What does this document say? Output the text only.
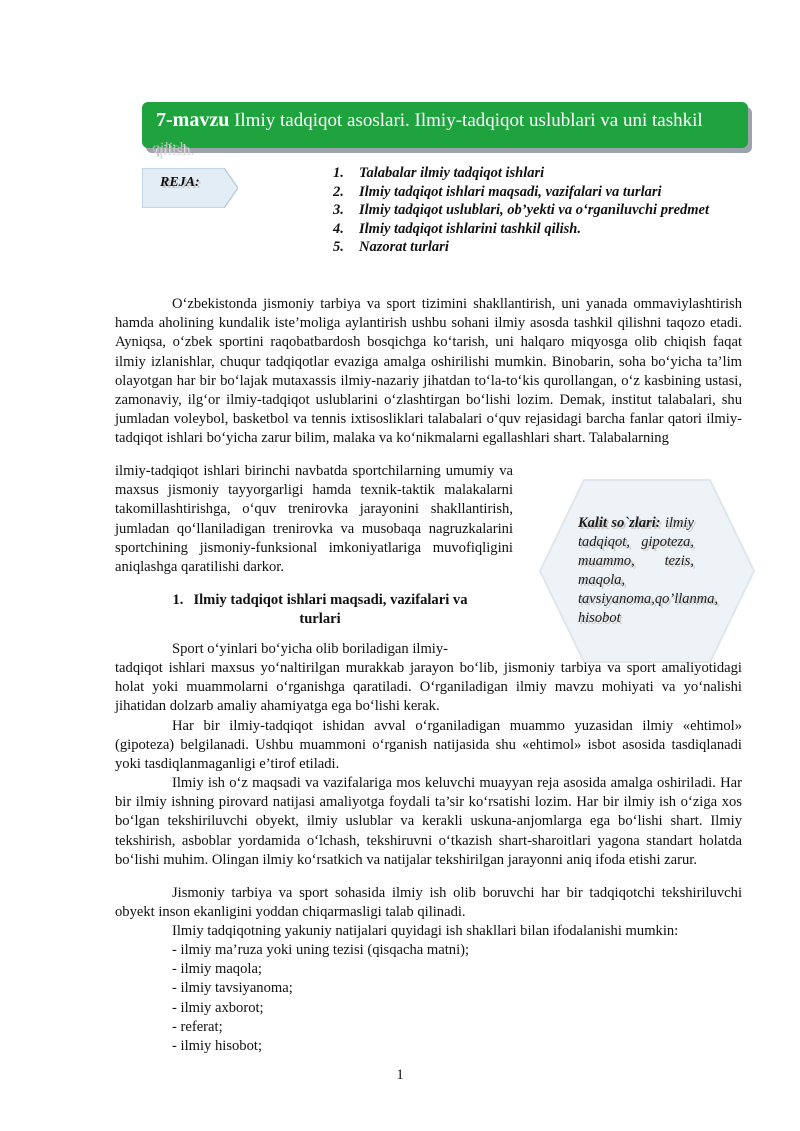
7-mavzu Ilmiy tadqiqot asoslari. Ilmiy-tadqiqot uslublari va uni tashkil
qilish.
REJA:
1. Talabalar ilmiy tadqiqot ishlari
2. Ilmiy tadqiqot ishlari maqsadi, vazifalari va turlari
3. Ilmiy tadqiqot uslublari, ob’yekti va o‘rganiluvchi predmet
4. Ilmiy tadqiqot ishlarini tashkil qilish.
5. Nazorat turlari

O‘zbekistonda jismoniy tarbiya va sport tizimini shakllantirish, uni yanada ommaviylashtirish hamda aholining kundalik iste’moliga aylantirish ushbu sohani ilmiy asosda tashkil qilishni taqozo etadi. Ayniqsa, o‘zbek sportini raqobatbardosh bosqichga ko‘tarish, uni halqaro miqyosga olib chiqish faqat ilmiy izlanishlar, chuqur tadqiqotlar evaziga amalga oshirilishi mumkin. Binobarin, soha bo‘yicha ta’lim olayotgan har bir bo‘lajak mutaxassis ilmiy-nazariy jihatdan to‘la-to‘kis qurollangan, o‘z kasbining ustasi, zamonaviy, ilg‘or ilmiy-tadqiqot uslublarini o‘zlashtirgan bo‘lishi lozim. Demak, institut talabalari, shu jumladan voleybol, basketbol va tennis ixtisosliklari talabalari o‘quv rejasidagi barcha fanlar qatori ilmiy-tadqiqot ishlari bo‘yicha zarur bilim, malaka va ko‘nikmalarni egallashlari shart. Talabalarning

ilmiy-tadqiqot ishlari birinchi navbatda sportchilarning umumiy va maxsus jismoniy tayyorgarligi hamda texnik-taktik malakalarni takomillashtirishga, o‘quv trenirovka jarayonini shakllantirish, jumladan qo‘llaniladigan trenirovka va musobaqa nagruzkalarini sportchining jismoniy-funksional imkoniyatlariga muvofiqligini aniqlashga qaratilishi darkor.
Kalit so`zlari: ilmiy tadqiqot, gipoteza, muammo, tezis, maqola, tavsiyanoma,qo’llanma, hisobot
1. Ilmiy tadqiqot ishlari maqsadi, vazifalari va turlari
Sport o‘yinlari bo‘yicha olib boriladigan ilmiy-
tadqiqot ishlari maxsus yo‘naltirilgan murakkab jarayon bo‘lib, jismoniy tarbiya va sport amaliyotidagi holat yoki muammolarni o‘rganishga qaratiladi. O‘rganiladigan ilmiy mavzu mohiyati va yo‘nalishi jihatidan dolzarb amaliy ahamiyatga ega bo‘lishi kerak.

Har bir ilmiy-tadqiqot ishidan avval o‘rganiladigan muammo yuzasidan ilmiy «ehtimol» (gipoteza) belgilanadi. Ushbu muammoni o‘rganish natijasida shu «ehtimol» isbot asosida tasdiqlanadi yoki tasdiqlanmaganligi e’tirof etiladi.

Ilmiy ish o‘z maqsadi va vazifalariga mos keluvchi muayyan reja asosida amalga oshiriladi. Har bir ilmiy ishning pirovard natijasi amaliyotga foydali ta’sir ko‘rsatishi lozim. Har bir ilmiy ish o‘ziga xos bo‘lgan tekshiriluvchi obyekt, ilmiy uslublar va kerakli uskuna-anjomlarga ega bo‘lishi shart. Ilmiy tekshirish, asboblar yordamida o‘lchash, tekshiruvni o‘tkazish shart-sharoitlari yagona standart holatda bo‘lishi muhim. Olingan ilmiy ko‘rsatkich va natijalar tekshirilgan jarayonni aniq ifoda etishi zarur.

Jismoniy tarbiya va sport sohasida ilmiy ish olib boruvchi har bir tadqiqotchi tekshiriluvchi obyekt inson ekanligini yoddan chiqarmasligi talab qilinadi.

Ilmiy tadqiqotning yakuniy natijalari quyidagi ish shakllari bilan ifodalanishi mumkin:

- ilmiy ma’ruza yoki uning tezisi (qisqacha matni);
- ilmiy maqola;
- ilmiy tavsiyanoma;
- ilmiy axborot;
- referat;
- ilmiy hisobot;
1
